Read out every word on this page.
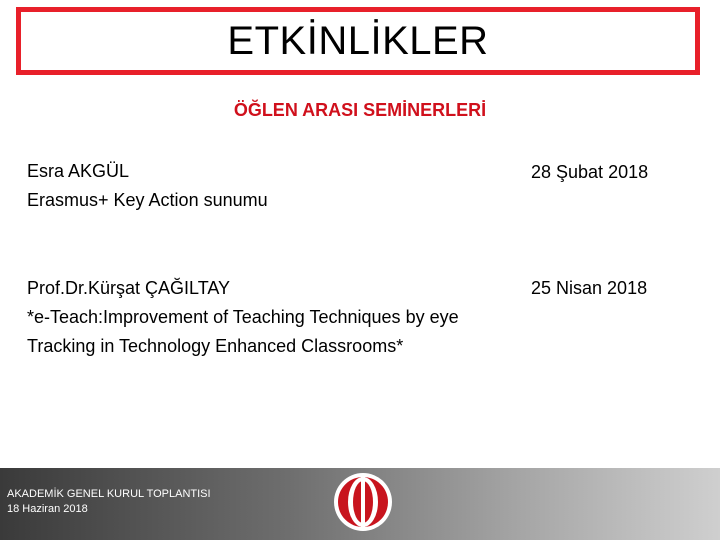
ETKİNLİKLER
ÖĞLEN ARASI SEMİNERLERİ
Esra AKGÜL
Erasmus+ Key Action sunumu
28 Şubat 2018
Prof.Dr.Kürşat ÇAĞILTAY
*e-Teach:Improvement of Teaching Techniques by eye
Tracking in Technology Enhanced Classrooms*
25 Nisan 2018
AKADEMİK GENEL KURUL TOPLANTISI
18 Haziran 2018
